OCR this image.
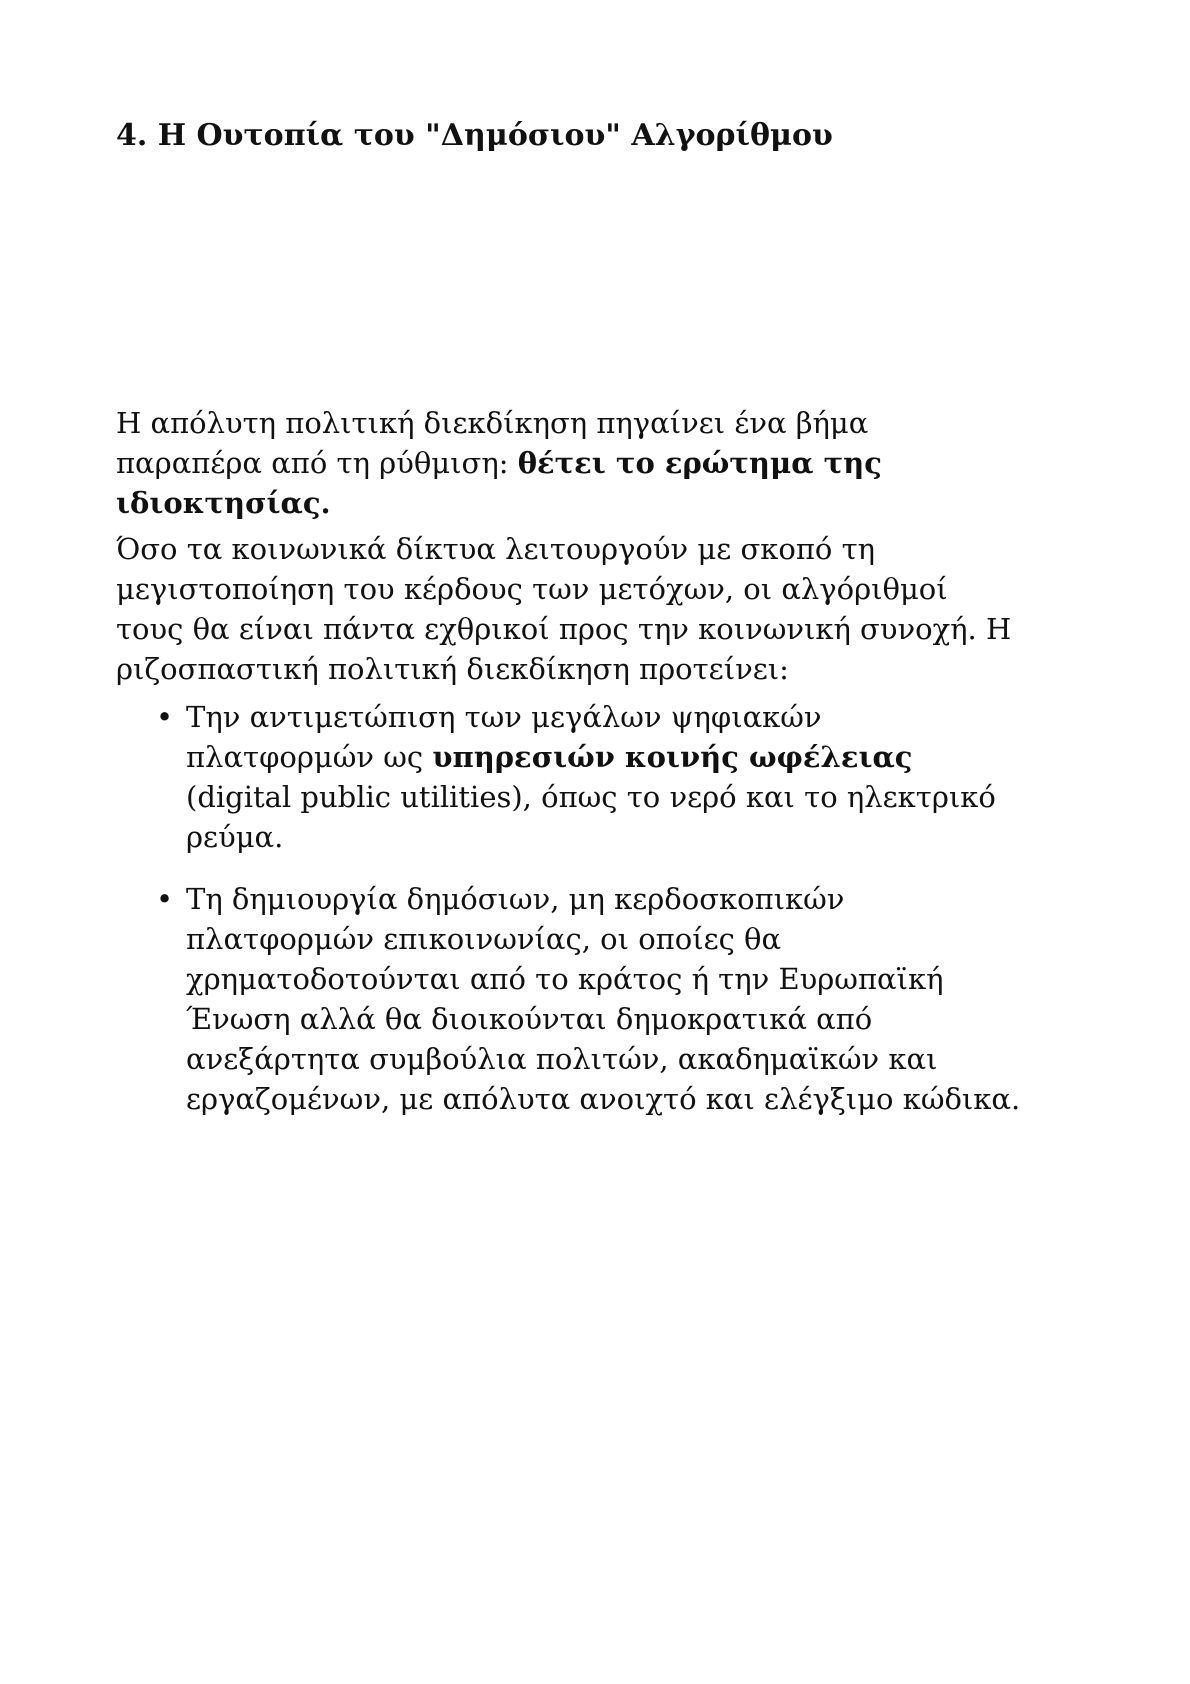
4. Η Ουτοπία του "Δημόσιου" Αλγορίθμου

Η απόλυτη πολιτική διεκδίκηση πηγαίνει ένα βήμα
παραπέρα από τη ρύθμιση: θέτει το ερώτημα της
ιδιοκτησίας.

Όσο τα κοινωνικά δίκτυα λειτουργούν με σκοπό τη
μεγιστοποίηση του κέρδους των μετόχων, οι αλγόριθμοί
τους θα είναι πάντα εχθρικοί προς την κοινωνική συνοχή. Η
ριζοσπαστική πολιτική διεκδίκηση προτείνει:

• Την αντιμετώπιση των μεγάλων ψηφιακών
πλατφορμών ως υπηρεσιών κοινής ωφέλειας
(digital public utilities), όπως το νερό και το ηλεκτρικό
ρεύμα.
• Τη δημιουργία δημόσιων, μη κερδοσκοπικών
πλατφορμών επικοινωνίας, οι οποίες θα
χρηματοδοτούνται από το κράτος ή την Ευρωπαϊκή
Ένωση αλλά θα διοικούνται δημοκρατικά από
ανεξάρτητα συμβούλια πολιτών, ακαδημαϊκών και
εργαζομένων, με απόλυτα ανοιχτό και ελέγξιμο κώδικα.
